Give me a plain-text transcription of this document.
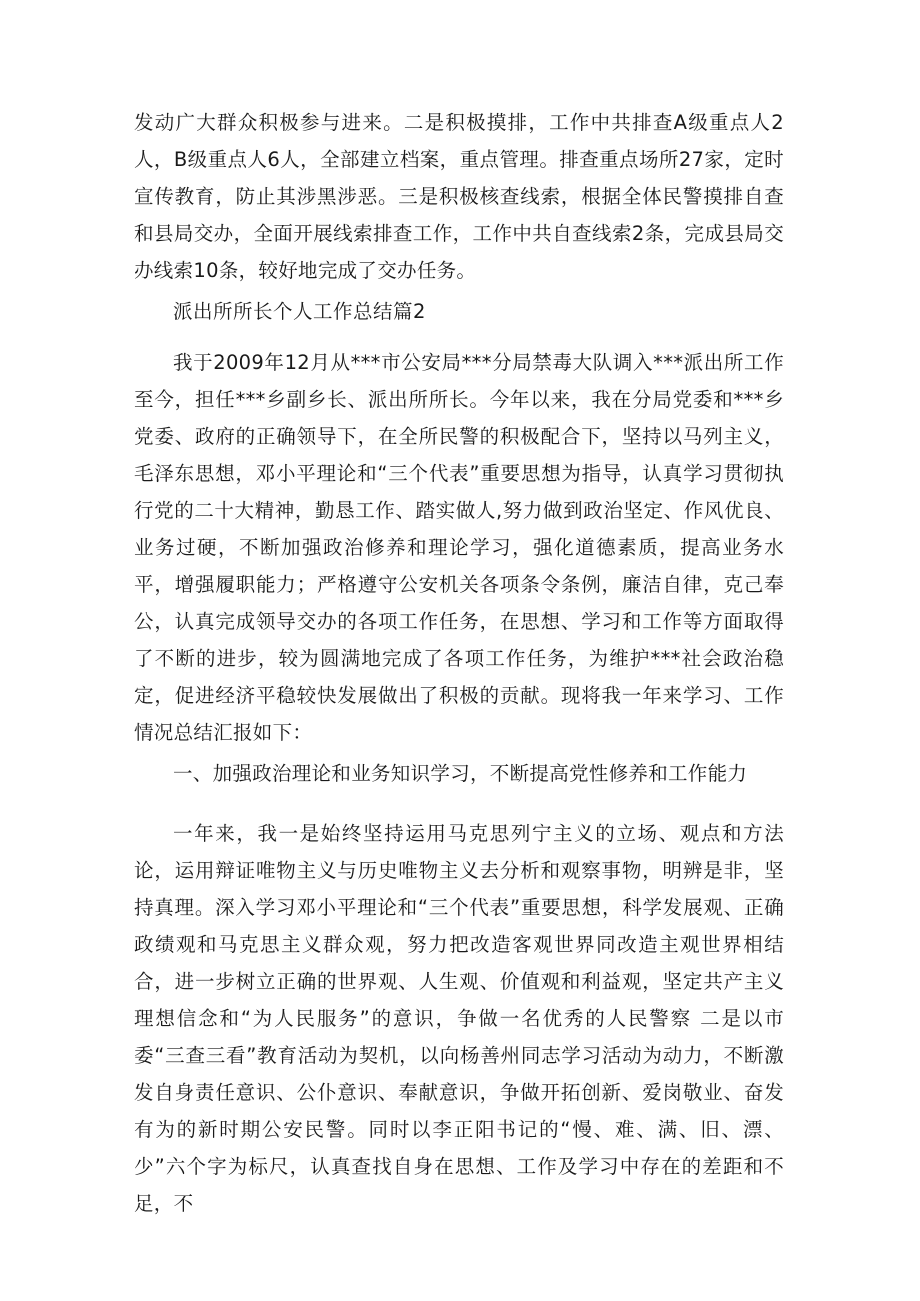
发动广大群众积极参与进来。二是积极摸排，工作中共排查A级重点人2人，B级重点人6人，全部建立档案，重点管理。排查重点场所27家，定时宣传教育，防止其涉黑涉恶。三是积极核查线索，根据全体民警摸排自查和县局交办，全面开展线索排查工作，工作中共自查线索2条，完成县局交办线索10条，较好地完成了交办任务。

派出所所长个人工作总结篇2

我于2009年12月从***市公安局***分局禁毒大队调入***派出所工作至今，担任***乡副乡长、派出所所长。今年以来，我在分局党委和***乡党委、政府的正确领导下，在全所民警的积极配合下，坚持以马列主义，毛泽东思想，邓小平理论和“三个代表”重要思想为指导，认真学习贯彻执行党的二十大精神，勤恳工作、踏实做人,努力做到政治坚定、作风优良、业务过硬，不断加强政治修养和理论学习，强化道德素质，提高业务水平，增强履职能力；严格遵守公安机关各项条令条例，廉洁自律，克己奉公，认真完成领导交办的各项工作任务，在思想、学习和工作等方面取得了不断的进步，较为圆满地完成了各项工作任务，为维护***社会政治稳定，促进经济平稳较快发展做出了积极的贡献。现将我一年来学习、工作情况总结汇报如下：

一、加强政治理论和业务知识学习，不断提高党性修养和工作能力

一年来，我一是始终坚持运用马克思列宁主义的立场、观点和方法论，运用辩证唯物主义与历史唯物主义去分析和观察事物，明辨是非，坚持真理。深入学习邓小平理论和“三个代表”重要思想，科学发展观、正确政绩观和马克思主义群众观，努力把改造客观世界同改造主观世界相结合，进一步树立正确的世界观、人生观、价值观和利益观，坚定共产主义理想信念和“为人民服务”的意识，争做一名优秀的人民警察 二是以市委“三查三看”教育活动为契机，以向杨善州同志学习活动为动力，不断激发自身责任意识、公仆意识、奉献意识，争做开拓创新、爱岗敬业、奋发有为的新时期公安民警。同时以李正阳书记的“慢、难、满、旧、漂、少”六个字为标尺，认真查找自身在思想、工作及学习中存在的差距和不足，不
